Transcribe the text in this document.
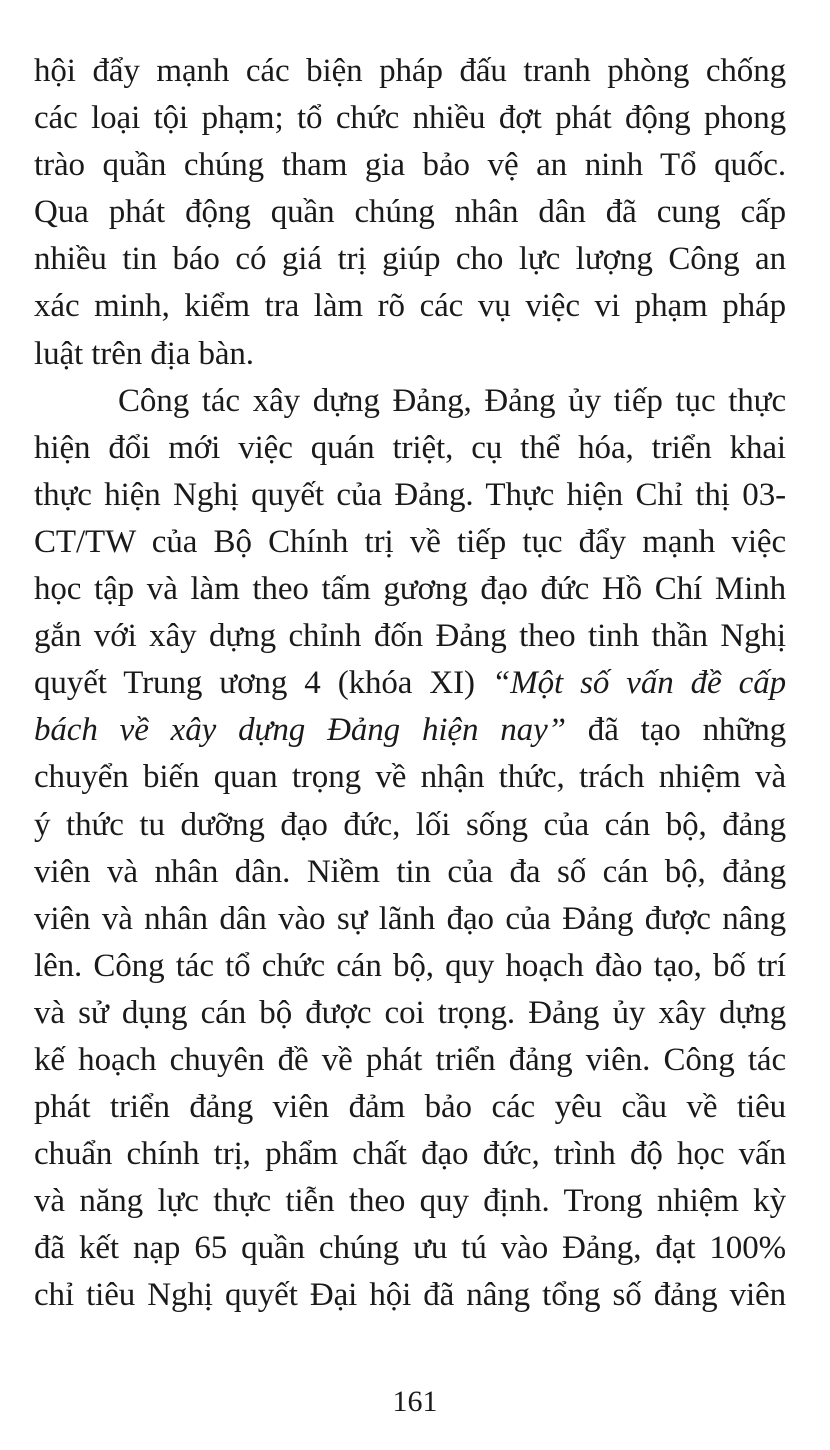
hội đẩy mạnh các biện pháp đấu tranh phòng chống
các loại tội phạm; tổ chức nhiều đợt phát động phong
trào quần chúng tham gia bảo vệ an ninh Tổ quốc.
Qua phát động quần chúng nhân dân đã cung cấp
nhiều tin báo có giá trị giúp cho lực lượng Công an
xác minh, kiểm tra làm rõ các vụ việc vi phạm pháp
luật trên địa bàn.
Công tác xây dựng Đảng, Đảng ủy tiếp tục thực
hiện đổi mới việc quán triệt, cụ thể hóa, triển khai
thực hiện Nghị quyết của Đảng. Thực hiện Chỉ thị 03-
CT/TW của Bộ Chính trị về tiếp tục đẩy mạnh việc
học tập và làm theo tấm gương đạo đức Hồ Chí Minh
gắn với xây dựng chỉnh đốn Đảng theo tinh thần Nghị
quyết Trung ương 4 (khóa XI) “Một số vấn đề cấp
bách về xây dựng Đảng hiện nay” đã tạo những
chuyển biến quan trọng về nhận thức, trách nhiệm và
ý thức tu dưỡng đạo đức, lối sống của cán bộ, đảng
viên và nhân dân. Niềm tin của đa số cán bộ, đảng
viên và nhân dân vào sự lãnh đạo của Đảng được nâng
lên. Công tác tổ chức cán bộ, quy hoạch đào tạo, bố trí
và sử dụng cán bộ được coi trọng. Đảng ủy xây dựng
kế hoạch chuyên đề về phát triển đảng viên. Công tác
phát triển đảng viên đảm bảo các yêu cầu về tiêu
chuẩn chính trị, phẩm chất đạo đức, trình độ học vấn
và năng lực thực tiễn theo quy định. Trong nhiệm kỳ
đã kết nạp 65 quần chúng ưu tú vào Đảng, đạt 100%
chỉ tiêu Nghị quyết Đại hội đã nâng tổng số đảng viên
161
